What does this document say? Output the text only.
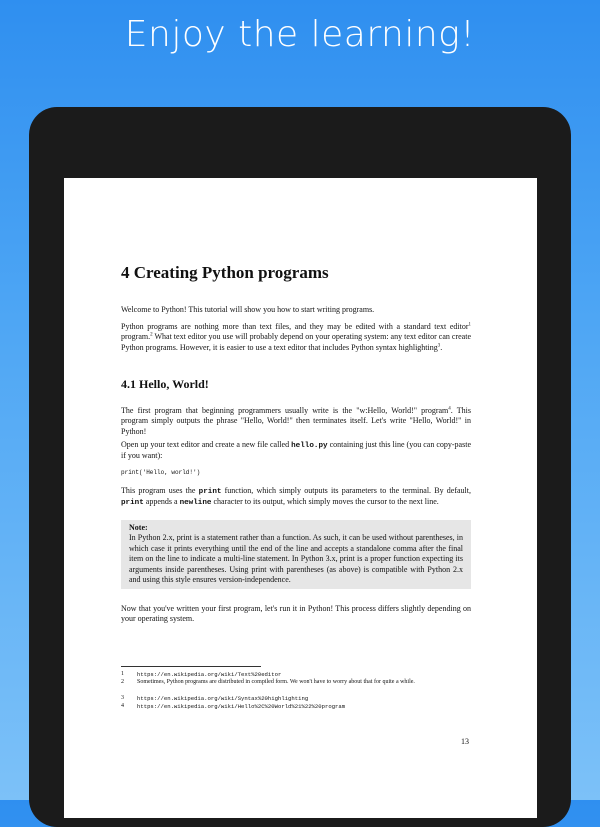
Enjoy the learning!
4 Creating Python programs
Welcome to Python! This tutorial will show you how to start writing programs.
Python programs are nothing more than text files, and they may be edited with a standard text editor$^1$ program.$^2$ What text editor you use will probably depend on your operating system: any text editor can create Python programs. However, it is easier to use a text editor that includes Python syntax highlighting$^3$.
4.1 Hello, World!
The first program that beginning programmers usually write is the "w:Hello, World!" program$^4$. This program simply outputs the phrase "Hello, World!" then terminates itself. Let's write "Hello, World!" in Python!
Open up your text editor and create a new file called hello.py containing just this line (you can copy-paste if you want):
print('Hello, world!')
This program uses the print function, which simply outputs its parameters to the terminal. By default, print appends a newline character to its output, which simply moves the cursor to the next line.
Note:
In Python 2.x, print is a statement rather than a function. As such, it can be used without parentheses, in which case it prints everything until the end of the line and accepts a standalone comma after the final item on the line to indicate a multi-line statement. In Python 3.x, print is a proper function expecting its arguments inside parentheses. Using print with parentheses (as above) is compatible with Python 2.x and using this style ensures version-independence.
Now that you've written your first program, let's run it in Python! This process differs slightly depending on your operating system.
1 https://en.wikipedia.org/wiki/Text%20editor
2 Sometimes, Python programs are distributed in compiled form. We won't have to worry about that for quite a while.
3 https://en.wikipedia.org/wiki/Syntax%20highlighting
4 https://en.wikipedia.org/wiki/Hello%2C%20World%21%22%20program
13
